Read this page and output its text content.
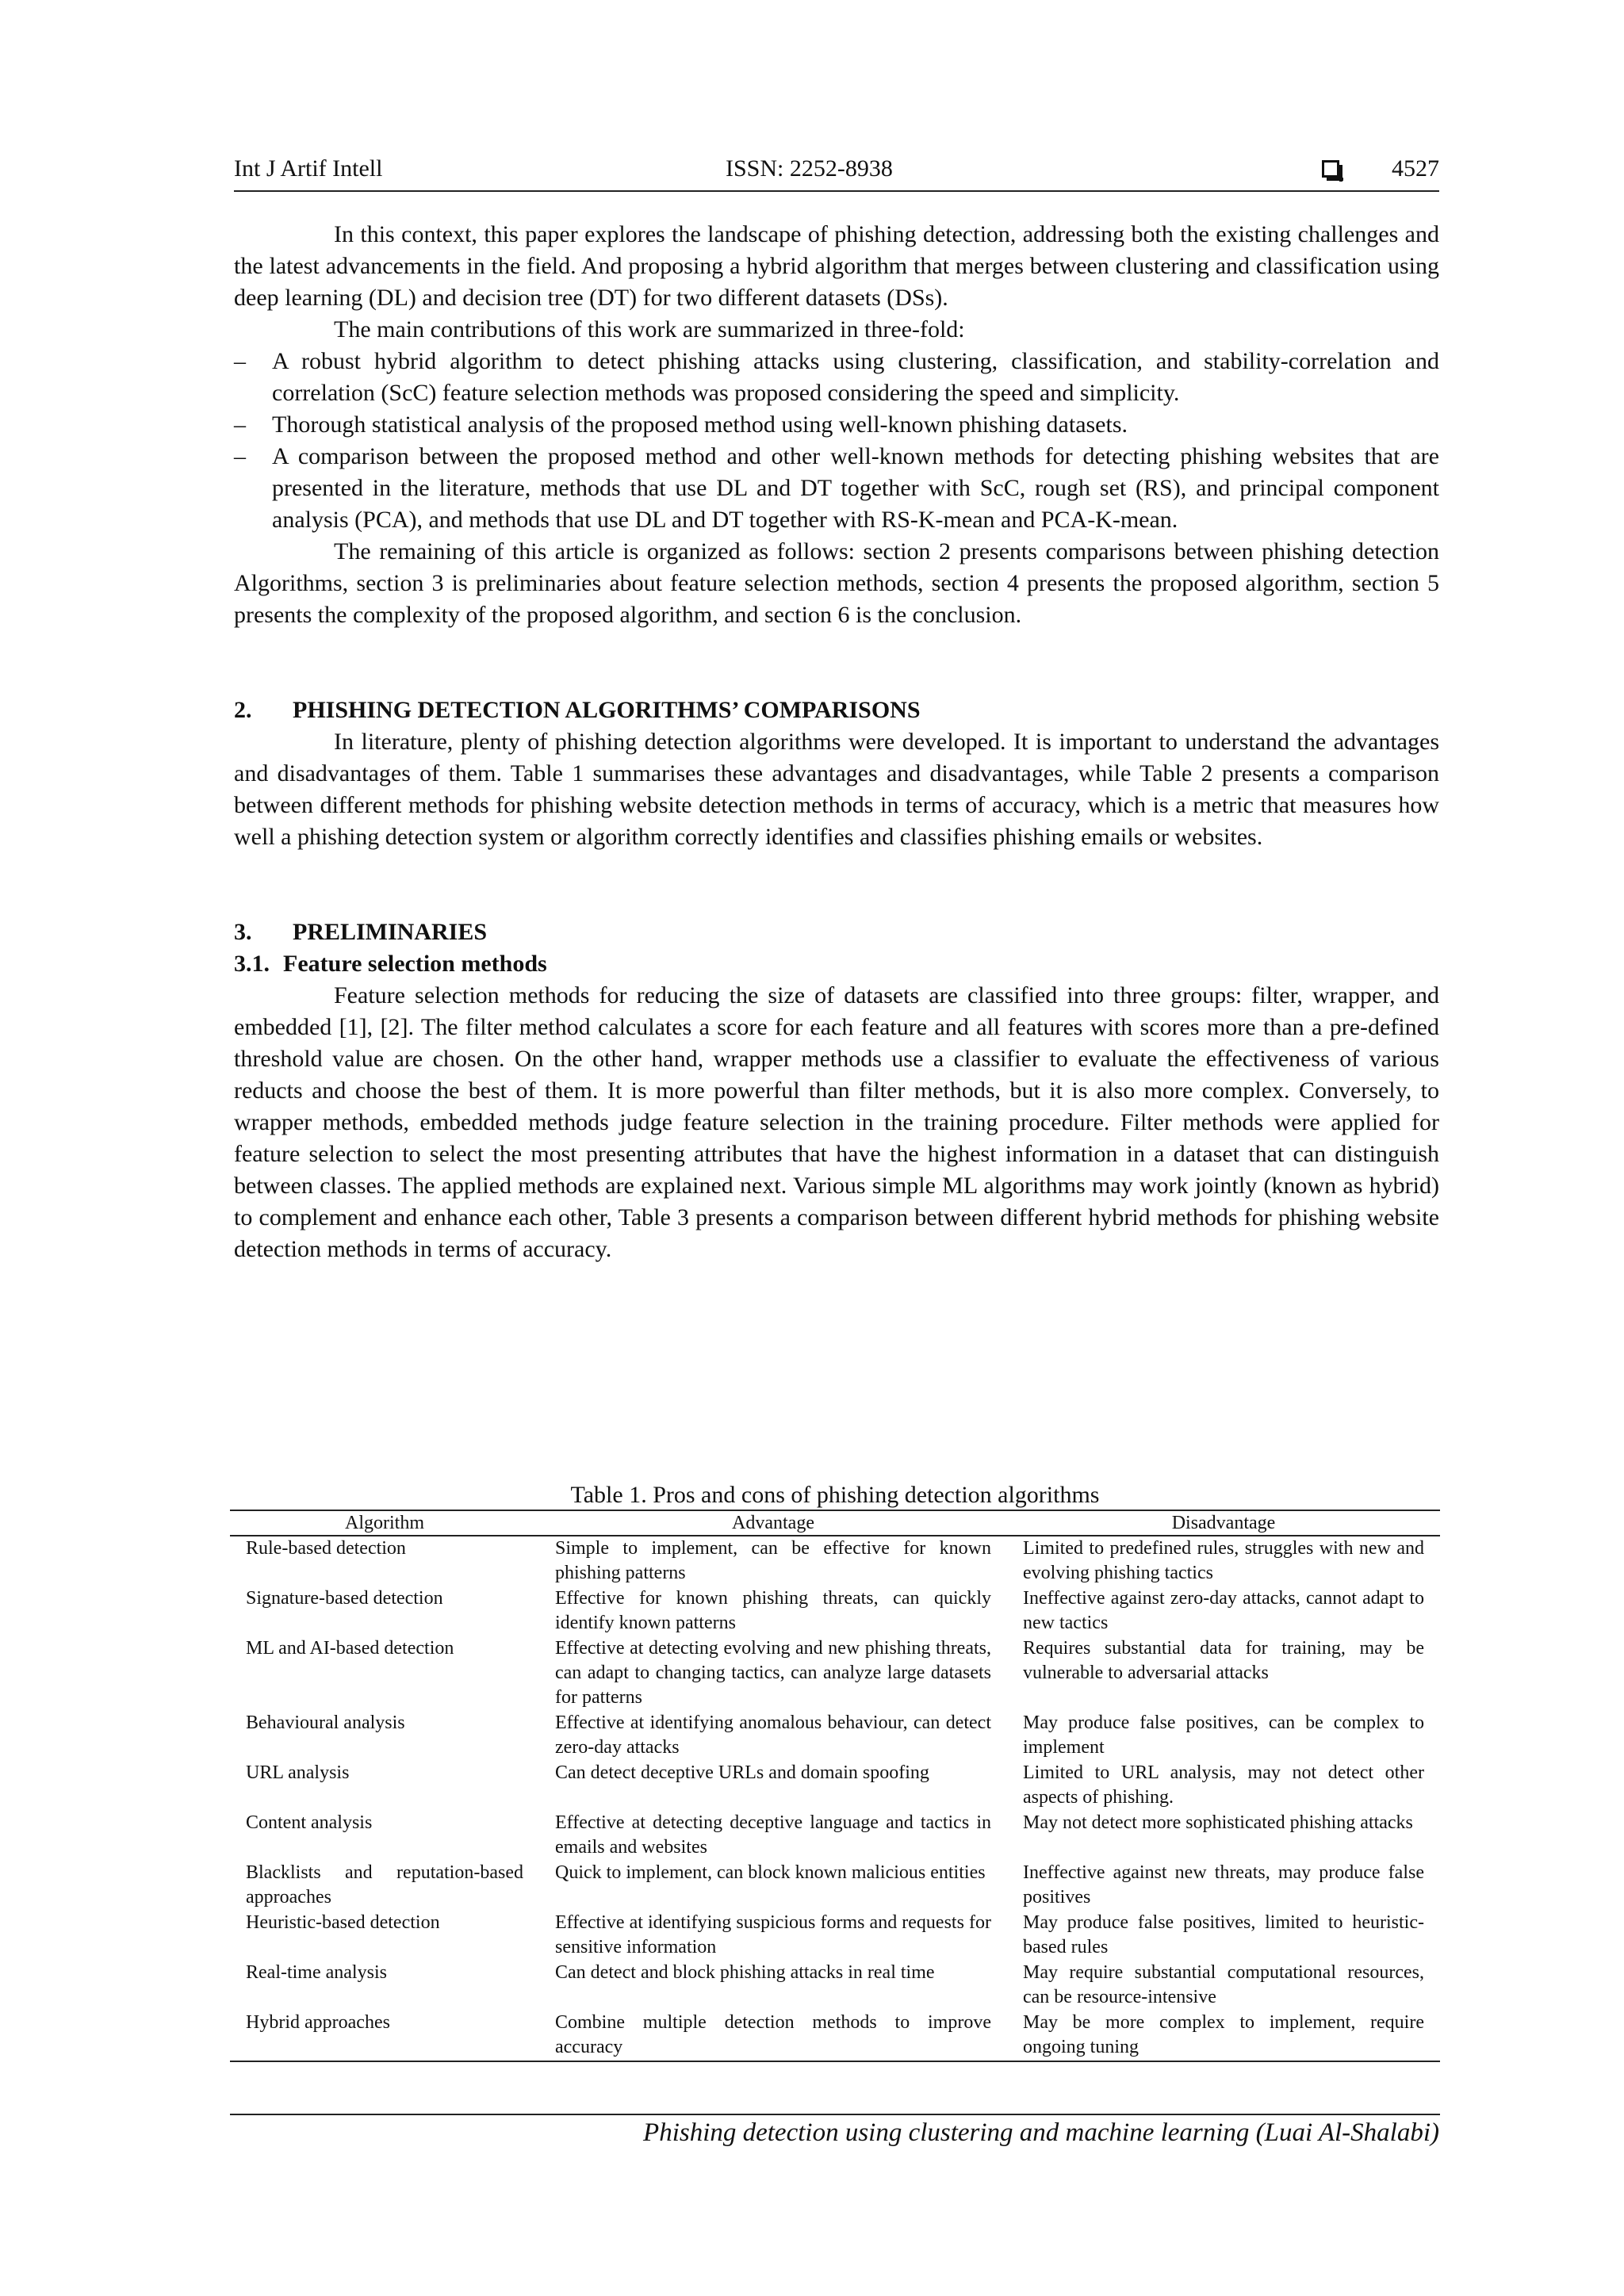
Int J Artif Intell	ISSN: 2252-8938	4527

In this context, this paper explores the landscape of phishing detection, addressing both the existing challenges and the latest advancements in the field. And proposing a hybrid algorithm that merges between clustering and classification using deep learning (DL) and decision tree (DT) for two different datasets (DSs).

The main contributions of this work are summarized in three-fold:

– A robust hybrid algorithm to detect phishing attacks using clustering, classification, and stability-correlation and correlation (ScC) feature selection methods was proposed considering the speed and simplicity.
– Thorough statistical analysis of the proposed method using well-known phishing datasets.
– A comparison between the proposed method and other well-known methods for detecting phishing websites that are presented in the literature, methods that use DL and DT together with ScC, rough set (RS), and principal component analysis (PCA), and methods that use DL and DT together with RS-K-mean and PCA-K-mean.

The remaining of this article is organized as follows: section 2 presents comparisons between phishing detection Algorithms, section 3 is preliminaries about feature selection methods, section 4 presents the proposed algorithm, section 5 presents the complexity of the proposed algorithm, and section 6 is the conclusion.

2. PHISHING DETECTION ALGORITHMS’ COMPARISONS

In literature, plenty of phishing detection algorithms were developed. It is important to understand the advantages and disadvantages of them. Table 1 summarises these advantages and disadvantages, while Table 2 presents a comparison between different methods for phishing website detection methods in terms of accuracy, which is a metric that measures how well a phishing detection system or algorithm correctly identifies and classifies phishing emails or websites.

3. PRELIMINARIES
3.1. Feature selection methods

Feature selection methods for reducing the size of datasets are classified into three groups: filter, wrapper, and embedded [1], [2]. The filter method calculates a score for each feature and all features with scores more than a pre-defined threshold value are chosen. On the other hand, wrapper methods use a classifier to evaluate the effectiveness of various reducts and choose the best of them. It is more powerful than filter methods, but it is also more complex. Conversely, to wrapper methods, embedded methods judge feature selection in the training procedure. Filter methods were applied for feature selection to select the most presenting attributes that have the highest information in a dataset that can distinguish between classes. The applied methods are explained next. Various simple ML algorithms may work jointly (known as hybrid) to complement and enhance each other, Table 3 presents a comparison between different hybrid methods for phishing website detection methods in terms of accuracy.

Table 1. Pros and cons of phishing detection algorithms
Algorithm	Advantage	Disadvantage
Rule-based detection	Simple to implement, can be effective for known phishing patterns	Limited to predefined rules, struggles with new and evolving phishing tactics
Signature-based detection	Effective for known phishing threats, can quickly identify known patterns	Ineffective against zero-day attacks, cannot adapt to new tactics
ML and AI-based detection	Effective at detecting evolving and new phishing threats, can adapt to changing tactics, can analyze large datasets for patterns	Requires substantial data for training, may be vulnerable to adversarial attacks
Behavioural analysis	Effective at identifying anomalous behaviour, can detect zero-day attacks	May produce false positives, can be complex to implement
URL analysis	Can detect deceptive URLs and domain spoofing	Limited to URL analysis, may not detect other aspects of phishing.
Content analysis	Effective at detecting deceptive language and tactics in emails and websites	May not detect more sophisticated phishing attacks
Blacklists and reputation-based approaches	Quick to implement, can block known malicious entities	Ineffective against new threats, may produce false positives
Heuristic-based detection	Effective at identifying suspicious forms and requests for sensitive information	May produce false positives, limited to heuristic-based rules
Real-time analysis	Can detect and block phishing attacks in real time	May require substantial computational resources, can be resource-intensive
Hybrid approaches	Combine multiple detection methods to improve accuracy	May be more complex to implement, require ongoing tuning
Phishing detection using clustering and machine learning (Luai Al-Shalabi)
